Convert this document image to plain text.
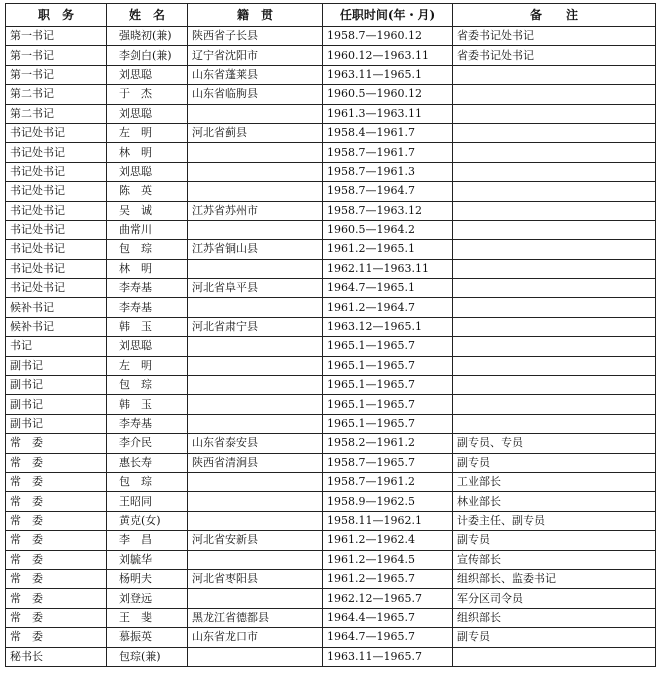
职　务	姓　名	籍　贯	任职时间(年・月)	备　　注
第一书记	强晓初(兼)	陕西省子长县	1958.7—1960.12	省委书记处书记
第一书记	李剑白(兼)	辽宁省沈阳市	1960.12—1963.11	省委书记处书记
第一书记	刘思聪	山东省蓬莱县	1963.11—1965.1	
第二书记	于　杰	山东省临朐县	1960.5—1960.12	
第二书记	刘思聪		1961.3—1963.11	
书记处书记	左　明	河北省蓟县	1958.4—1961.7	
书记处书记	林　明		1958.7—1961.7	
书记处书记	刘思聪		1958.7—1961.3	
书记处书记	陈　英		1958.7—1964.7	
书记处书记	吴　诚	江苏省苏州市	1958.7—1963.12	
书记处书记	曲常川		1960.5—1964.2	
书记处书记	包　琮	江苏省铜山县	1961.2—1965.1	
书记处书记	林　明		1962.11—1963.11	
书记处书记	李寿基	河北省阜平县	1964.7—1965.1	
候补书记	李寿基		1961.2—1964.7	
候补书记	韩　玉	河北省肃宁县	1963.12—1965.1	
书记	刘思聪		1965.1—1965.7	
副书记	左　明		1965.1—1965.7	
副书记	包　琮		1965.1—1965.7	
副书记	韩　玉		1965.1—1965.7	
副书记	李寿基		1965.1—1965.7	
常　委	李介民	山东省泰安县	1958.2—1961.2	副专员、专员
常　委	惠长寿	陕西省清涧县	1958.7—1965.7	副专员
常　委	包　琮		1958.7—1961.2	工业部长
常　委	王昭同		1958.9—1962.5	林业部长
常　委	黄克(女)		1958.11—1962.1	计委主任、副专员
常　委	李　昌	河北省安新县	1961.2—1962.4	副专员
常　委	刘毓华		1961.2—1964.5	宣传部长
常　委	杨明夫	河北省枣阳县	1961.2—1965.7	组织部长、监委书记
常　委	刘登远		1962.12—1965.7	军分区司令员
常　委	王　斐	黑龙江省德都县	1964.4—1965.7	组织部长
常　委	慕振英	山东省龙口市	1964.7—1965.7	副专员
秘书长	包琮(兼)		1963.11—1965.7	
